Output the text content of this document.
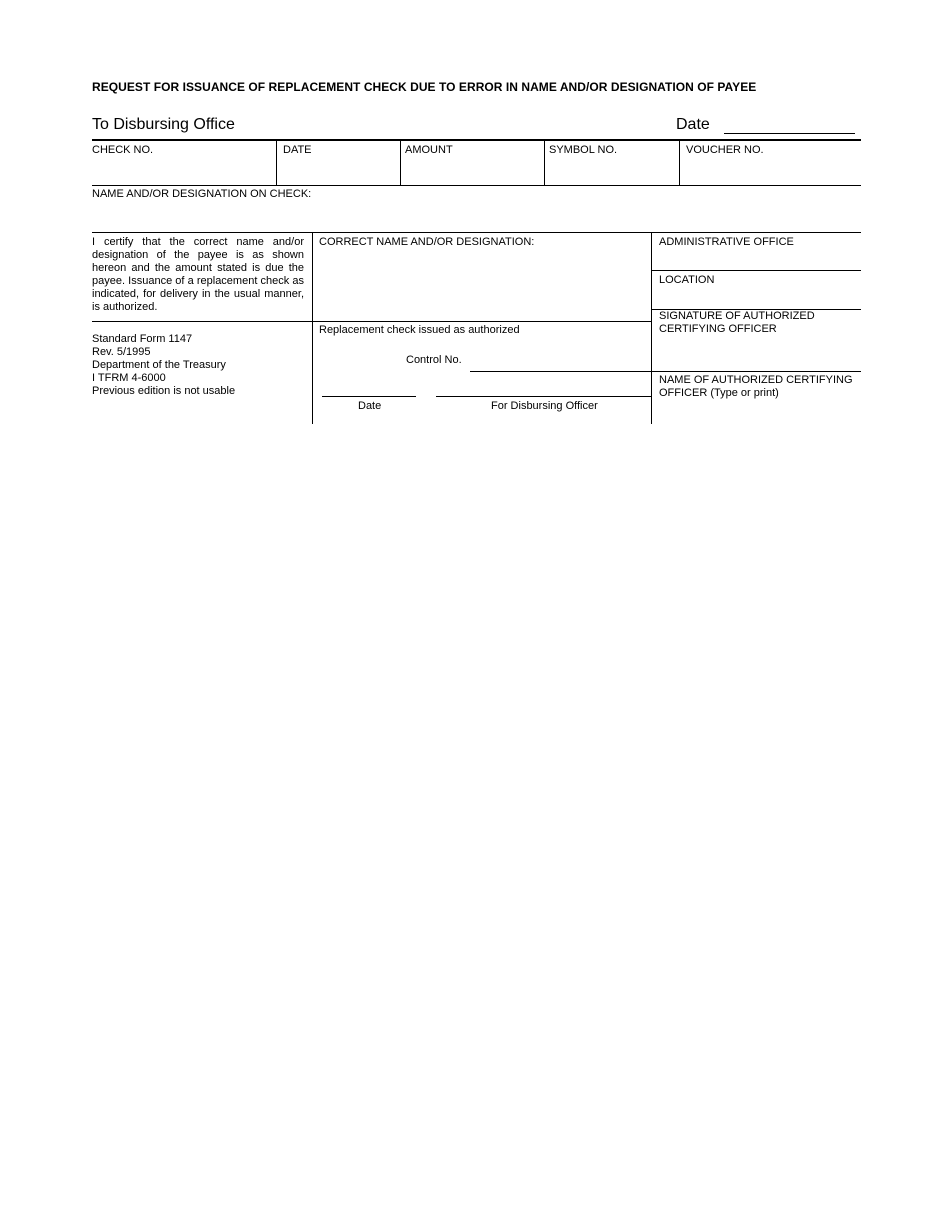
REQUEST FOR ISSUANCE OF REPLACEMENT CHECK DUE TO ERROR IN NAME AND/OR DESIGNATION OF PAYEE
To Disbursing Office	Date
CHECK NO.	DATE	AMOUNT	SYMBOL NO.	VOUCHER NO.
NAME AND/OR DESIGNATION ON CHECK:
I certify that the correct name and/or designation of the payee is as shown hereon and the amount stated is due the payee. Issuance of a replacement check as indicated, for delivery in the usual manner, is authorized.
CORRECT NAME AND/OR DESIGNATION:	ADMINISTRATIVE OFFICE
LOCATION
SIGNATURE OF AUTHORIZED
CERTIFYING OFFICER
NAME OF AUTHORIZED CERTIFYING
OFFICER (Type or print)
Replacement check issued as authorized
Control No.
Date	For Disbursing Officer
Standard Form 1147
Rev. 5/1995
Department of the Treasury
I TFRM 4-6000
Previous edition is not usable
